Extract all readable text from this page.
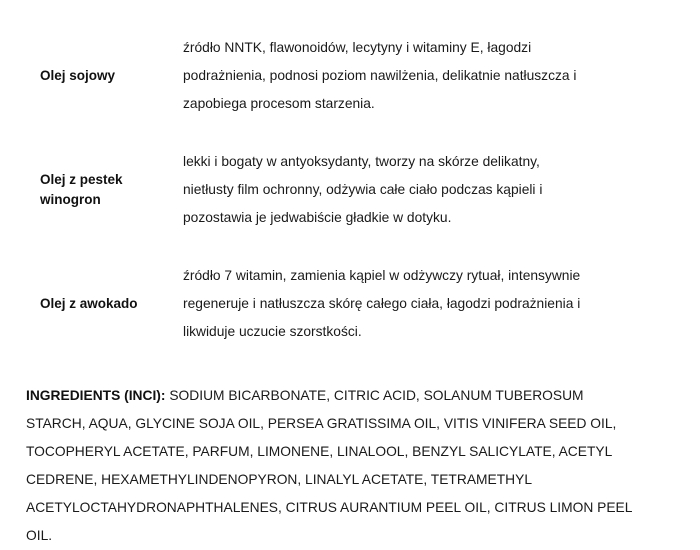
Olej sojowy	źródło NNTK, flawonoidów, lecytyny i witaminy E, łagodzi
podrażnienia, podnosi poziom nawilżenia, delikatnie natłuszcza i
zapobiega procesom starzenia.

Olej z pestek winogron	lekki i bogaty w antyoksydanty, tworzy na skórze delikatny,
nietłusty film ochronny, odżywia całe ciało podczas kąpieli i
pozostawia je jedwabiście gładkie w dotyku.

Olej z awokado	źródło 7 witamin, zamienia kąpiel w odżywczy rytuał, intensywnie
regeneruje i natłuszcza skórę całego ciała, łagodzi podrażnienia i
likwiduje uczucie szorstkości.
INGREDIENTS (INCI): SODIUM BICARBONATE, CITRIC ACID, SOLANUM TUBEROSUM
STARCH, AQUA, GLYCINE SOJA OIL, PERSEA GRATISSIMA OIL, VITIS VINIFERA SEED OIL,
TOCOPHERYL ACETATE, PARFUM, LIMONENE, LINALOOL, BENZYL SALICYLATE, ACETYL
CEDRENE, HEXAMETHYLINDENOPYRON, LINALYL ACETATE, TETRAMETHYL
ACETYLOCTAHYDRONAPHTHALENES, CITRUS AURANTIUM PEEL OIL, CITRUS LIMON PEEL
OIL.
